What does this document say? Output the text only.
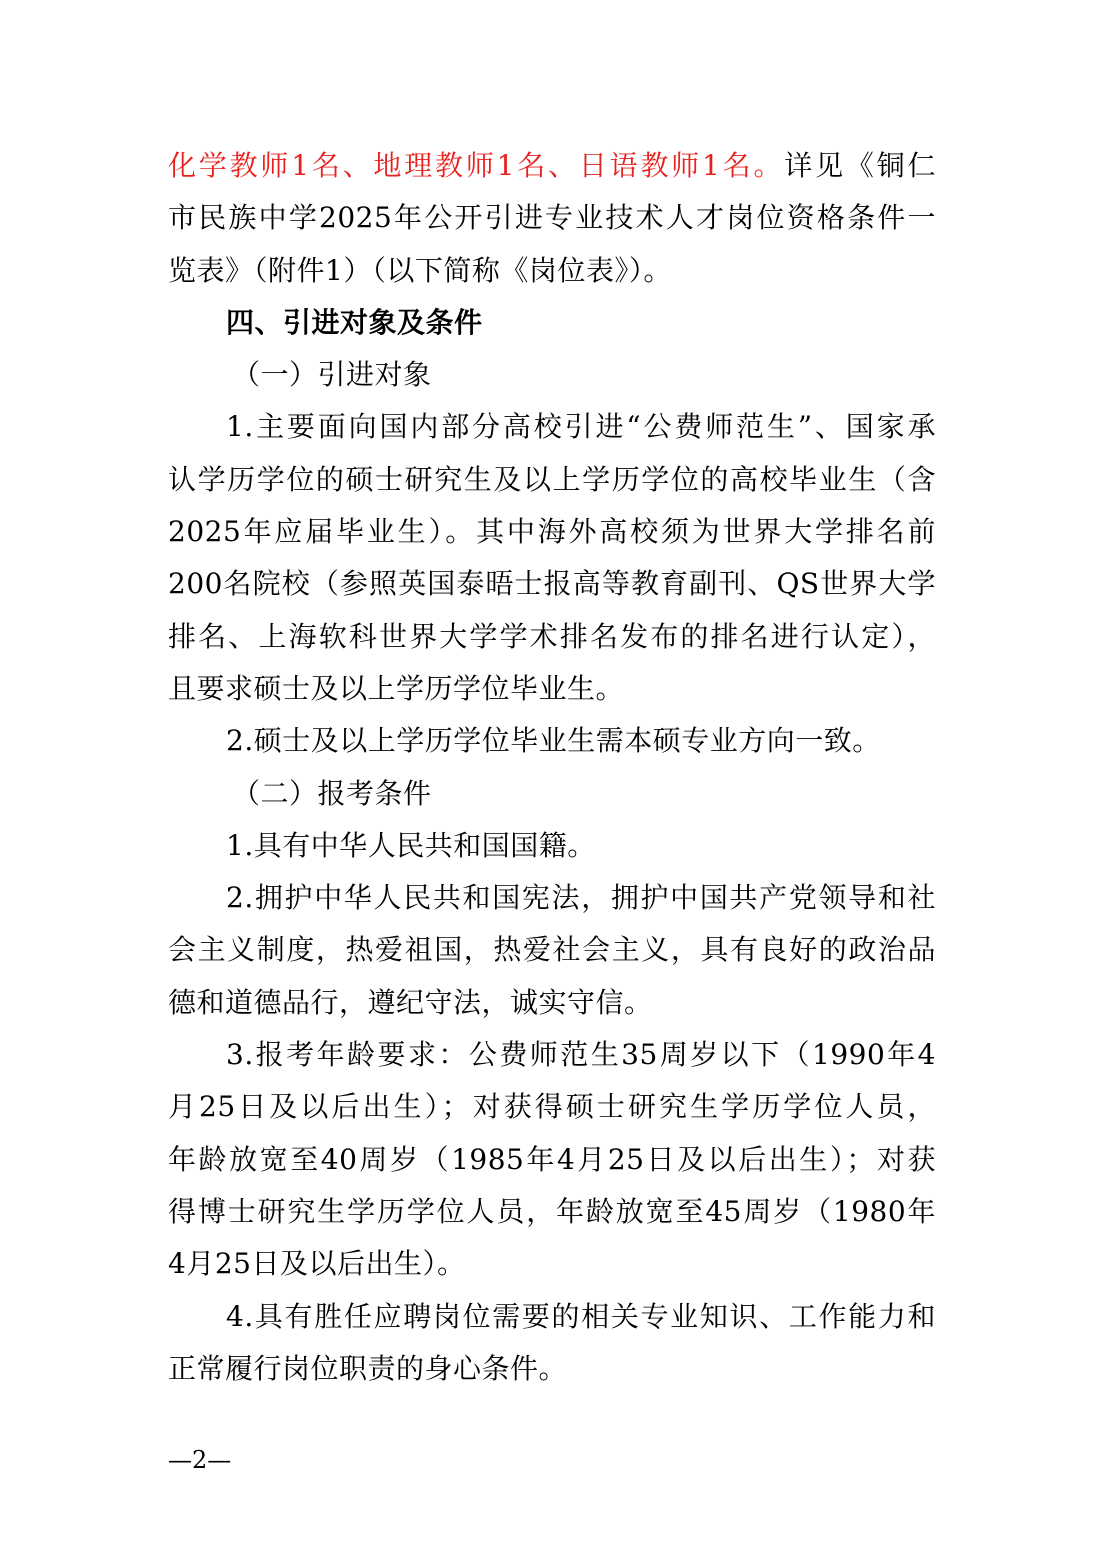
化学教师1名、地理教师1名、日语教师1名。详见《铜仁
市民族中学2025年公开引进专业技术人才岗位资格条件一
览表》（附件1）（以下简称《岗位表》）。
四、引进对象及条件
（一）引进对象
1.主要面向国内部分高校引进“公费师范生”、国家承
认学历学位的硕士研究生及以上学历学位的高校毕业生（含
2025年应届毕业生）。其中海外高校须为世界大学排名前
200名院校（参照英国泰晤士报高等教育副刊、QS世界大学
排名、上海软科世界大学学术排名发布的排名进行认定），
且要求硕士及以上学历学位毕业生。
2.硕士及以上学历学位毕业生需本硕专业方向一致。
（二）报考条件
1.具有中华人民共和国国籍。
2.拥护中华人民共和国宪法，拥护中国共产党领导和社
会主义制度，热爱祖国，热爱社会主义，具有良好的政治品
德和道德品行，遵纪守法，诚实守信。
3.报考年龄要求：公费师范生35周岁以下（1990年4
月25日及以后出生）；对获得硕士研究生学历学位人员，
年龄放宽至40周岁（1985年4月25日及以后出生）；对获
得博士研究生学历学位人员，年龄放宽至45周岁（1980年
4月25日及以后出生）。
4.具有胜任应聘岗位需要的相关专业知识、工作能力和
正常履行岗位职责的身心条件。
—2—
